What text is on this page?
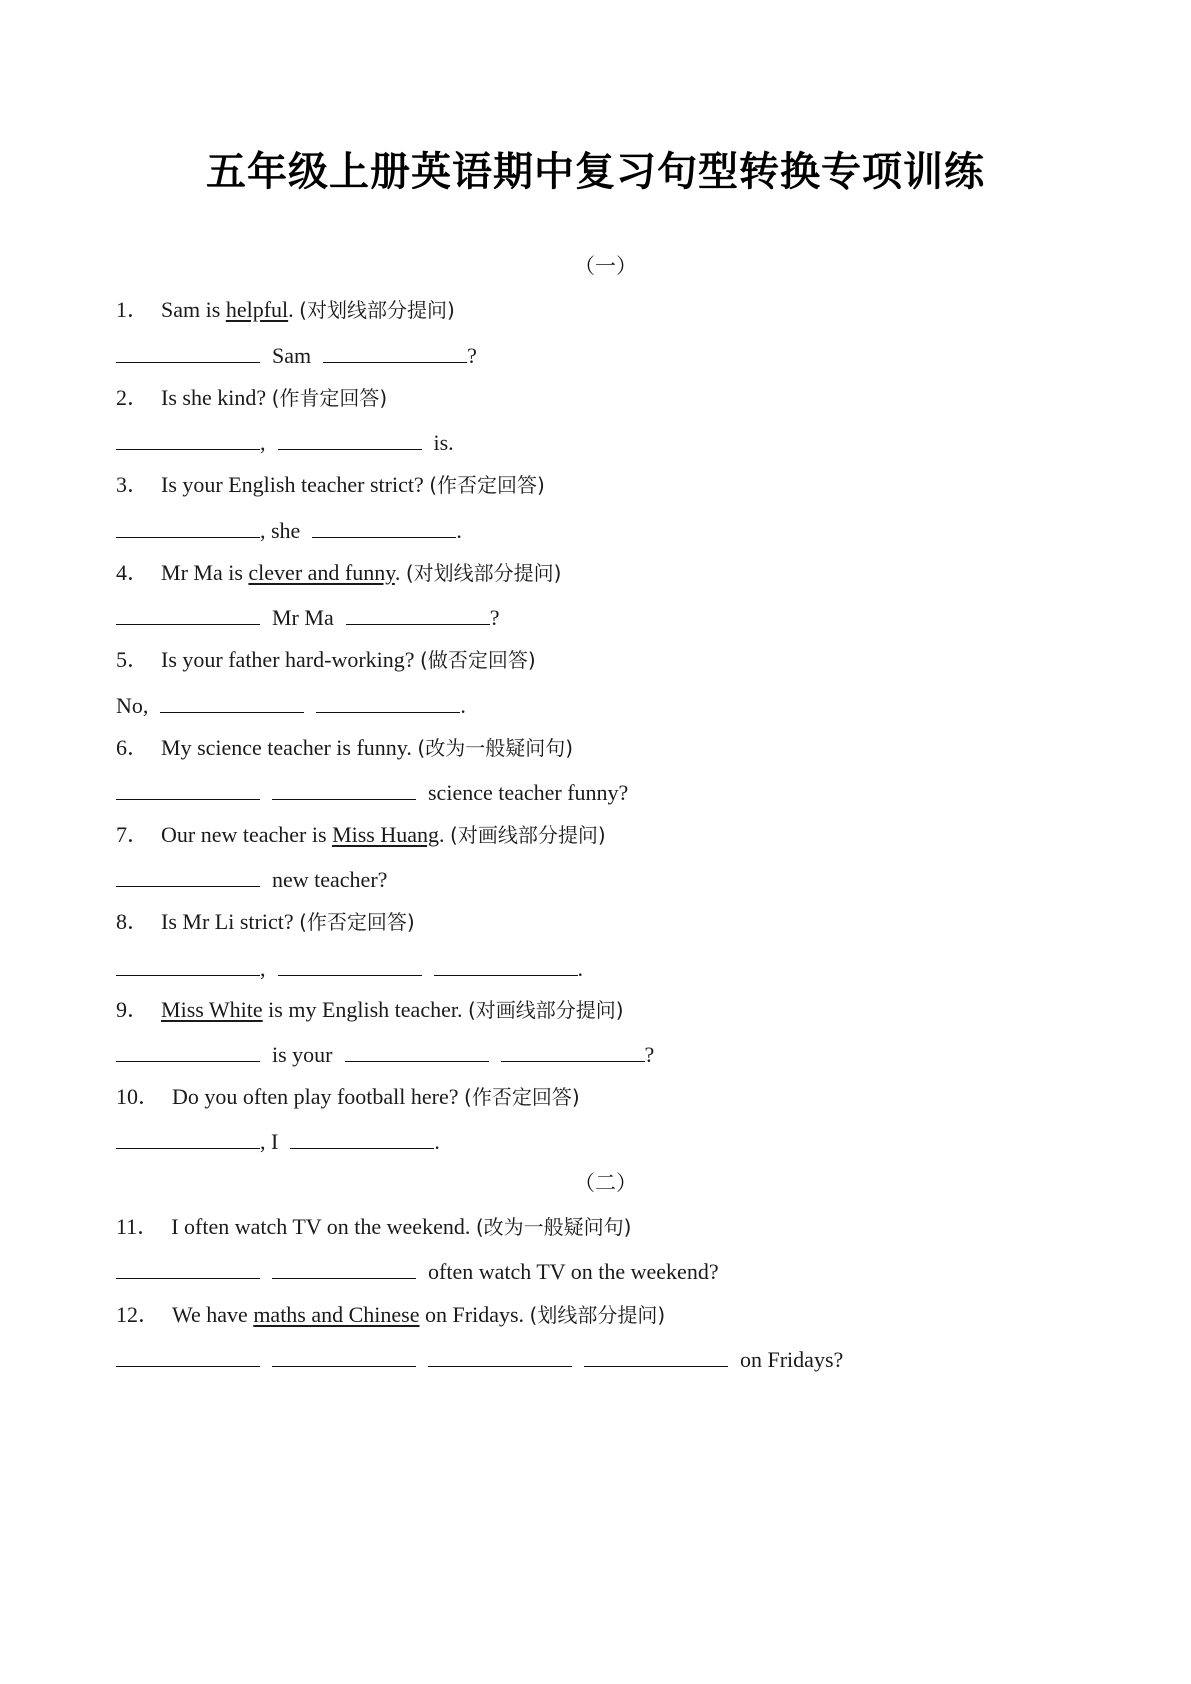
五年级上册英语期中复习句型转换专项训练
（一）
1． Sam is helpful. (对划线部分提问)
Sam	?
2． Is she kind? (作肯定回答)
,	is.
3． Is your English teacher strict? (作否定回答)
, she	.
4． Mr Ma is clever and funny. (对划线部分提问)
Mr Ma	?
5． Is your father hard-working? (做否定回答)
No,	.
6． My science teacher is funny. (改为一般疑问句)
science teacher funny?
7． Our new teacher is Miss Huang. (对画线部分提问)
new teacher?
8． Is Mr Li strict? (作否定回答)
,	.
9． Miss White is my English teacher. (对画线部分提问)
is your	?
10． Do you often play football here? (作否定回答)
, I	.
（二）
11． I often watch TV on the weekend. (改为一般疑问句)
often watch TV on the weekend?
12． We have maths and Chinese on Fridays. (划线部分提问)
on Fridays?
